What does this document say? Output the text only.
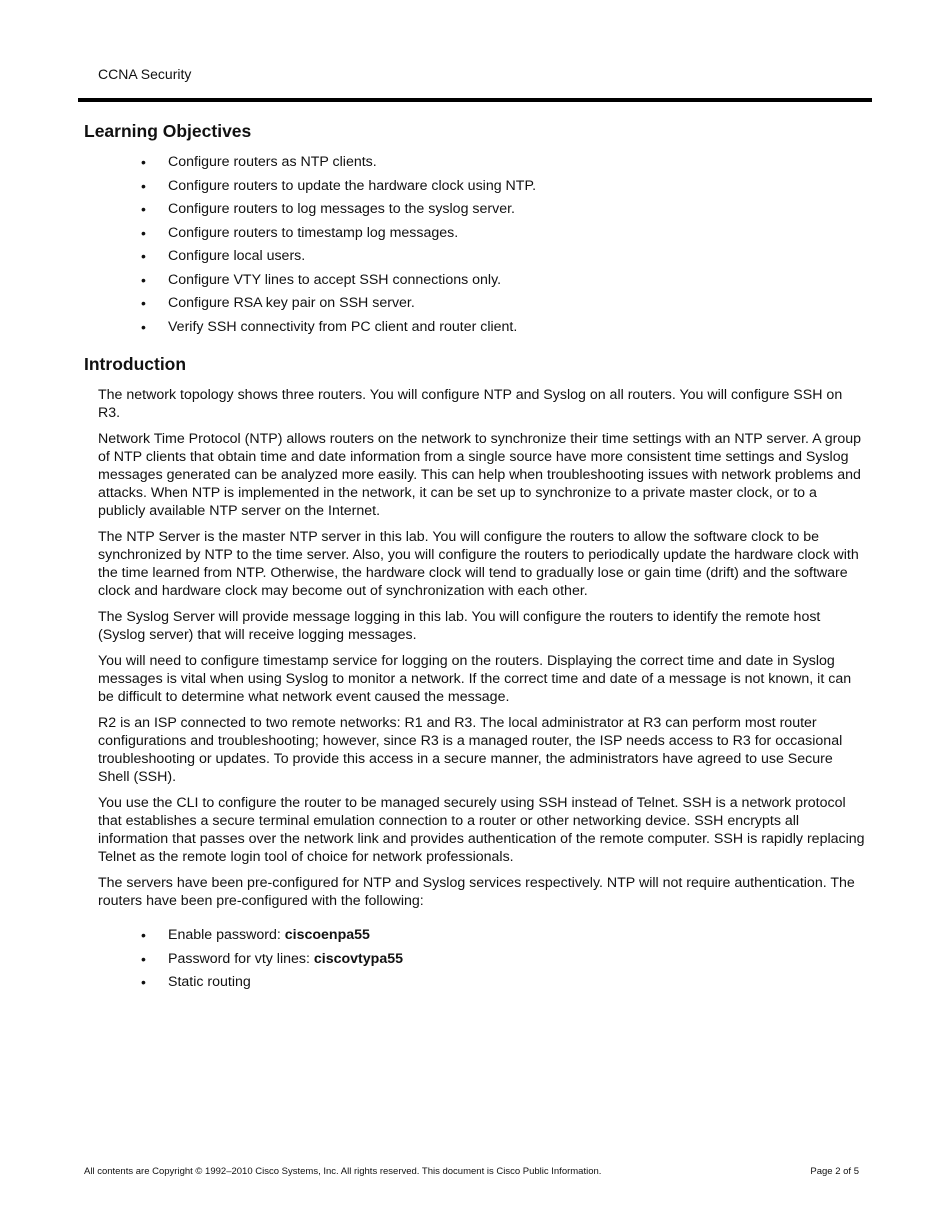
CCNA Security
Learning Objectives
• Configure routers as NTP clients.
• Configure routers to update the hardware clock using NTP.
• Configure routers to log messages to the syslog server.
• Configure routers to timestamp log messages.
• Configure local users.
• Configure VTY lines to accept SSH connections only.
• Configure RSA key pair on SSH server.
• Verify SSH connectivity from PC client and router client.
Introduction

The network topology shows three routers. You will configure NTP and Syslog on all routers. You will configure SSH on R3.

Network Time Protocol (NTP) allows routers on the network to synchronize their time settings with an NTP server. A group of NTP clients that obtain time and date information from a single source have more consistent time settings and Syslog messages generated can be analyzed more easily. This can help when troubleshooting issues with network problems and attacks. When NTP is implemented in the network, it can be set up to synchronize to a private master clock, or to a publicly available NTP server on the Internet.

The NTP Server is the master NTP server in this lab. You will configure the routers to allow the software clock to be synchronized by NTP to the time server. Also, you will configure the routers to periodically update the hardware clock with the time learned from NTP. Otherwise, the hardware clock will tend to gradually lose or gain time (drift) and the software clock and hardware clock may become out of synchronization with each other.

The Syslog Server will provide message logging in this lab. You will configure the routers to identify the remote host (Syslog server) that will receive logging messages.

You will need to configure timestamp service for logging on the routers. Displaying the correct time and date in Syslog messages is vital when using Syslog to monitor a network. If the correct time and date of a message is not known, it can be difficult to determine what network event caused the message.

R2 is an ISP connected to two remote networks: R1 and R3. The local administrator at R3 can perform most router configurations and troubleshooting; however, since R3 is a managed router, the ISP needs access to R3 for occasional troubleshooting or updates. To provide this access in a secure manner, the administrators have agreed to use Secure Shell (SSH).

You use the CLI to configure the router to be managed securely using SSH instead of Telnet. SSH is a network protocol that establishes a secure terminal emulation connection to a router or other networking device. SSH encrypts all information that passes over the network link and provides authentication of the remote computer. SSH is rapidly replacing Telnet as the remote login tool of choice for network professionals.

The servers have been pre-configured for NTP and Syslog services respectively. NTP will not require authentication. The routers have been pre-configured with the following:

• Enable password: ciscoenpa55
• Password for vty lines: ciscovtypa55
• Static routing
All contents are Copyright © 1992–2010 Cisco Systems, Inc. All rights reserved. This document is Cisco Public Information.	Page 2 of 5
